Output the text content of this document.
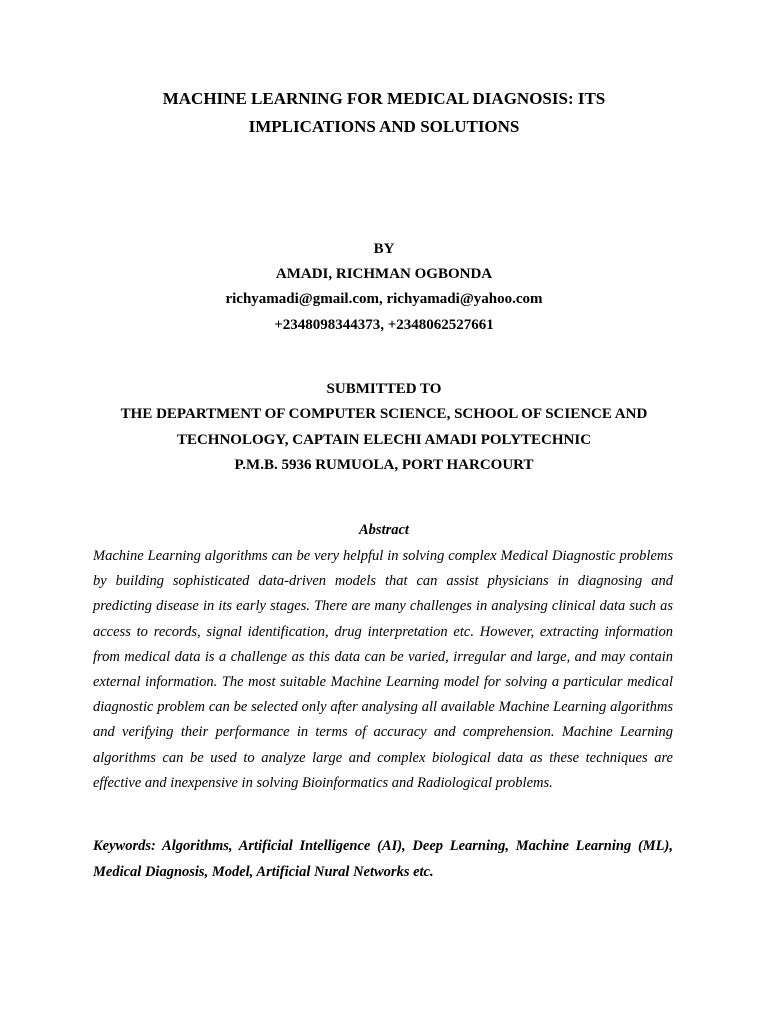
MACHINE LEARNING FOR MEDICAL DIAGNOSIS: ITS
IMPLICATIONS AND SOLUTIONS
BY
AMADI, RICHMAN OGBONDA
richyamadi@gmail.com, richyamadi@yahoo.com
+2348098344373, +2348062527661
SUBMITTED TO
THE DEPARTMENT OF COMPUTER SCIENCE, SCHOOL OF SCIENCE AND
TECHNOLOGY, CAPTAIN ELECHI AMADI POLYTECHNIC
P.M.B. 5936 RUMUOLA, PORT HARCOURT
Abstract

Machine Learning algorithms can be very helpful in solving complex Medical Diagnostic problems by building sophisticated data-driven models that can assist physicians in diagnosing and predicting disease in its early stages. There are many challenges in analysing clinical data such as access to records, signal identification, drug interpretation etc. However, extracting information from medical data is a challenge as this data can be varied, irregular and large, and may contain external information. The most suitable Machine Learning model for solving a particular medical diagnostic problem can be selected only after analysing all available Machine Learning algorithms and verifying their performance in terms of accuracy and comprehension. Machine Learning algorithms can be used to analyze large and complex biological data as these techniques are effective and inexpensive in solving Bioinformatics and Radiological problems.

Keywords: Algorithms, Artificial Intelligence (AI), Deep Learning, Machine Learning (ML), Medical Diagnosis, Model, Artificial Nural Networks etc.
